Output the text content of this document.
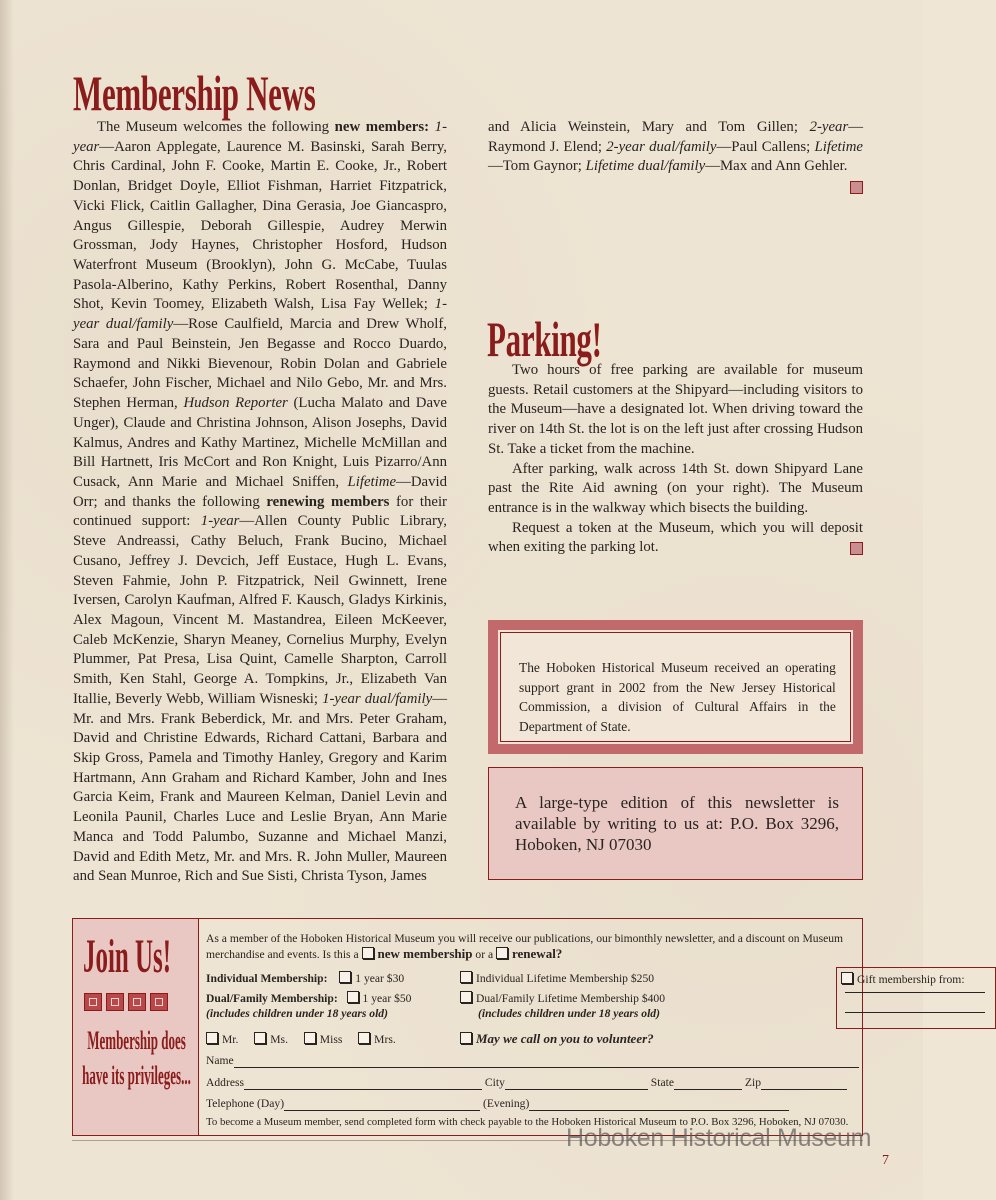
Membership News

The Museum welcomes the following new members: 1-year—Aaron Applegate, Laurence M. Basinski, Sarah Berry, Chris Cardinal, John F. Cooke, Martin E. Cooke, Jr., Robert Donlan, Bridget Doyle, Elliot Fishman, Harriet Fitzpatrick, Vicki Flick, Caitlin Gallagher, Dina Gerasia, Joe Giancaspro, Angus Gillespie, Deborah Gillespie, Audrey Merwin Grossman, Jody Haynes, Christopher Hosford, Hudson Waterfront Museum (Brooklyn), John G. McCabe, Tuulas Pasola-Alberino, Kathy Perkins, Robert Rosenthal, Danny Shot, Kevin Toomey, Elizabeth Walsh, Lisa Fay Wellek; 1-year dual/family—Rose Caulfield, Marcia and Drew Wholf, Sara and Paul Beinstein, Jen Begasse and Rocco Duardo, Raymond and Nikki Bievenour, Robin Dolan and Gabriele Schaefer, John Fischer, Michael and Nilo Gebo, Mr. and Mrs. Stephen Herman, Hudson Reporter (Lucha Malato and Dave Unger), Claude and Christina Johnson, Alison Josephs, David Kalmus, Andres and Kathy Martinez, Michelle McMillan and Bill Hartnett, Iris McCort and Ron Knight, Luis Pizarro/Ann Cusack, Ann Marie and Michael Sniffen, Lifetime—David Orr; and thanks the following renewing members for their continued support: 1-year—Allen County Public Library, Steve Andreassi, Cathy Beluch, Frank Bucino, Michael Cusano, Jeffrey J. Devcich, Jeff Eustace, Hugh L. Evans, Steven Fahmie, John P. Fitzpatrick, Neil Gwinnett, Irene Iversen, Carolyn Kaufman, Alfred F. Kausch, Gladys Kirkinis, Alex Magoun, Vincent M. Mastandrea, Eileen McKeever, Caleb McKenzie, Sharyn Meaney, Cornelius Murphy, Evelyn Plummer, Pat Presa, Lisa Quint, Camelle Sharpton, Carroll Smith, Ken Stahl, George A. Tompkins, Jr., Elizabeth Van Itallie, Beverly Webb, William Wisneski; 1-year dual/family—Mr. and Mrs. Frank Beberdick, Mr. and Mrs. Peter Graham, David and Christine Edwards, Richard Cattani, Barbara and Skip Gross, Pamela and Timothy Hanley, Gregory and Karim Hartmann, Ann Graham and Richard Kamber, John and Ines Garcia Keim, Frank and Maureen Kelman, Daniel Levin and Leonila Paunil, Charles Luce and Leslie Bryan, Ann Marie Manca and Todd Palumbo, Suzanne and Michael Manzi, David and Edith Metz, Mr. and Mrs. R. John Muller, Maureen and Sean Munroe, Rich and Sue Sisti, Christa Tyson, James

and Alicia Weinstein, Mary and Tom Gillen; 2-year—Raymond J. Elend; 2-year dual/family—Paul Callens; Lifetime—Tom Gaynor; Lifetime dual/family—Max and Ann Gehler.

Parking!

Two hours of free parking are available for museum guests. Retail customers at the Shipyard—including visitors to the Museum—have a designated lot. When driving toward the river on 14th St. the lot is on the left just after crossing Hudson St. Take a ticket from the machine.

After parking, walk across 14th St. down Shipyard Lane past the Rite Aid awning (on your right). The Museum entrance is in the walkway which bisects the building.

Request a token at the Museum, which you will deposit when exiting the parking lot.

The Hoboken Historical Museum received an operating support grant in 2002 from the New Jersey Historical Commission, a division of Cultural Affairs in the Department of State.
A large-type edition of this newsletter is available by writing to us at: P.O. Box 3296, Hoboken, NJ 07030
Join Us!
Membership does have its privileges...
As a member of the Hoboken Historical Museum you will receive our publications, our bimonthly newsletter, and a discount on Museum merchandise and events. Is this a new membership or a renewal?
Individual Membership: 1 year $30	Individual Lifetime Membership $250
Dual/Family Membership: 1 year $50	Dual/Family Lifetime Membership $400
(includes children under 18 years old)	(includes children under 18 years old)
Gift membership from:
Mr.	Ms.	Miss	Mrs.	May we call on you to volunteer?
Name
Address	City	State	Zip
Telephone (Day)	(Evening)
To become a Museum member, send completed form with check payable to the Hoboken Historical Museum to P.O. Box 3296, Hoboken, NJ 07030.
Hoboken Historical Museum
7
